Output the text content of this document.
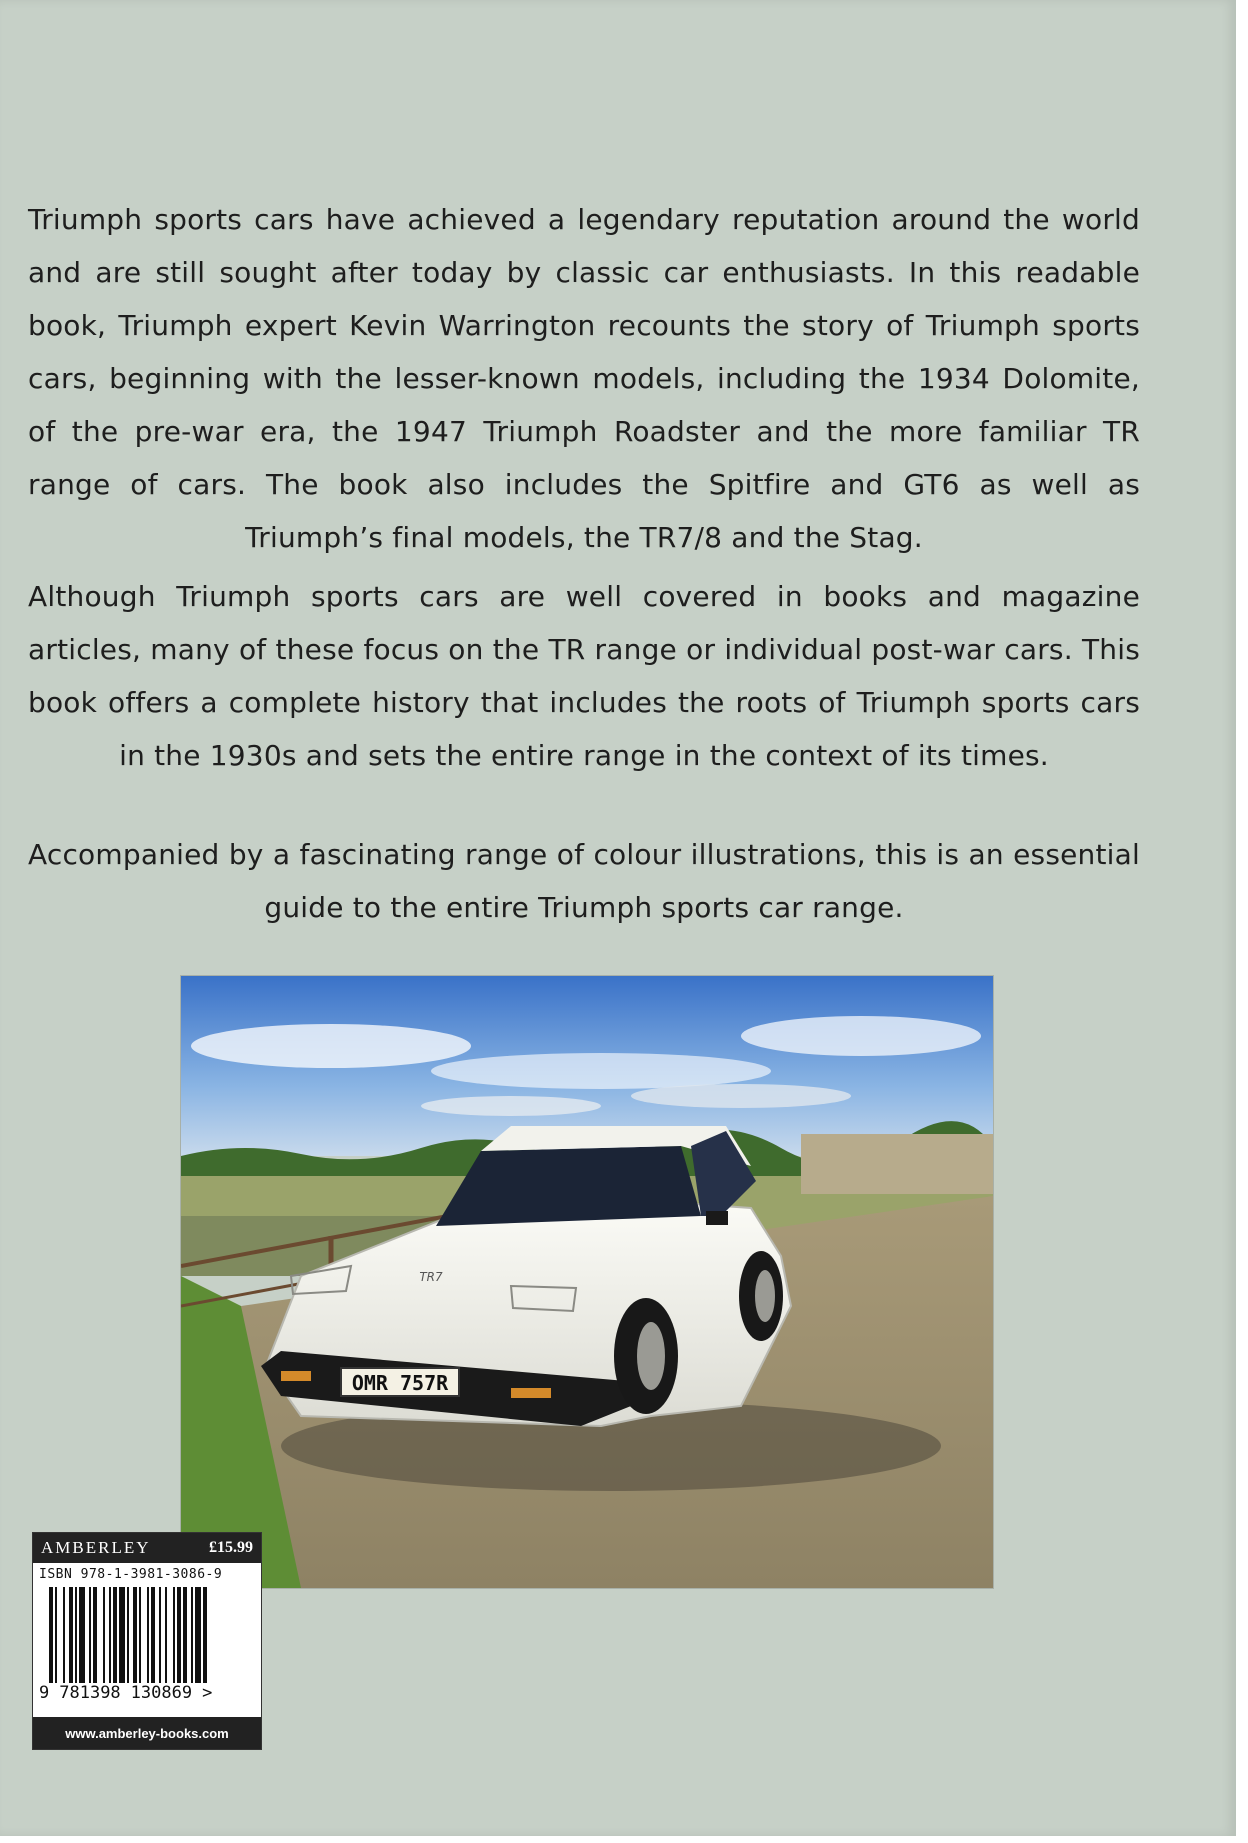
Triumph sports cars have achieved a legendary reputation around the world and are still sought after today by classic car enthusiasts. In this readable book, Triumph expert Kevin Warrington recounts the story of Triumph sports cars, beginning with the lesser-known models, including the 1934 Dolomite, of the pre-war era, the 1947 Triumph Roadster and the more familiar TR range of cars. The book also includes the Spitfire and GT6 as well as Triumph’s final models, the TR7/8 and the Stag.

Although Triumph sports cars are well covered in books and magazine articles, many of these focus on the TR range or individual post-war cars. This book offers a complete history that includes the roots of Triumph sports cars in the 1930s and sets the entire range in the context of its times.

Accompanied by a fascinating range of colour illustrations, this is an essential guide to the entire Triumph sports car range.

OMR 757R
TR7
AMBERLEY	£15.99
ISBN 978-1-3981-3086-9
9 781398 130869 >
www.amberley-books.com
